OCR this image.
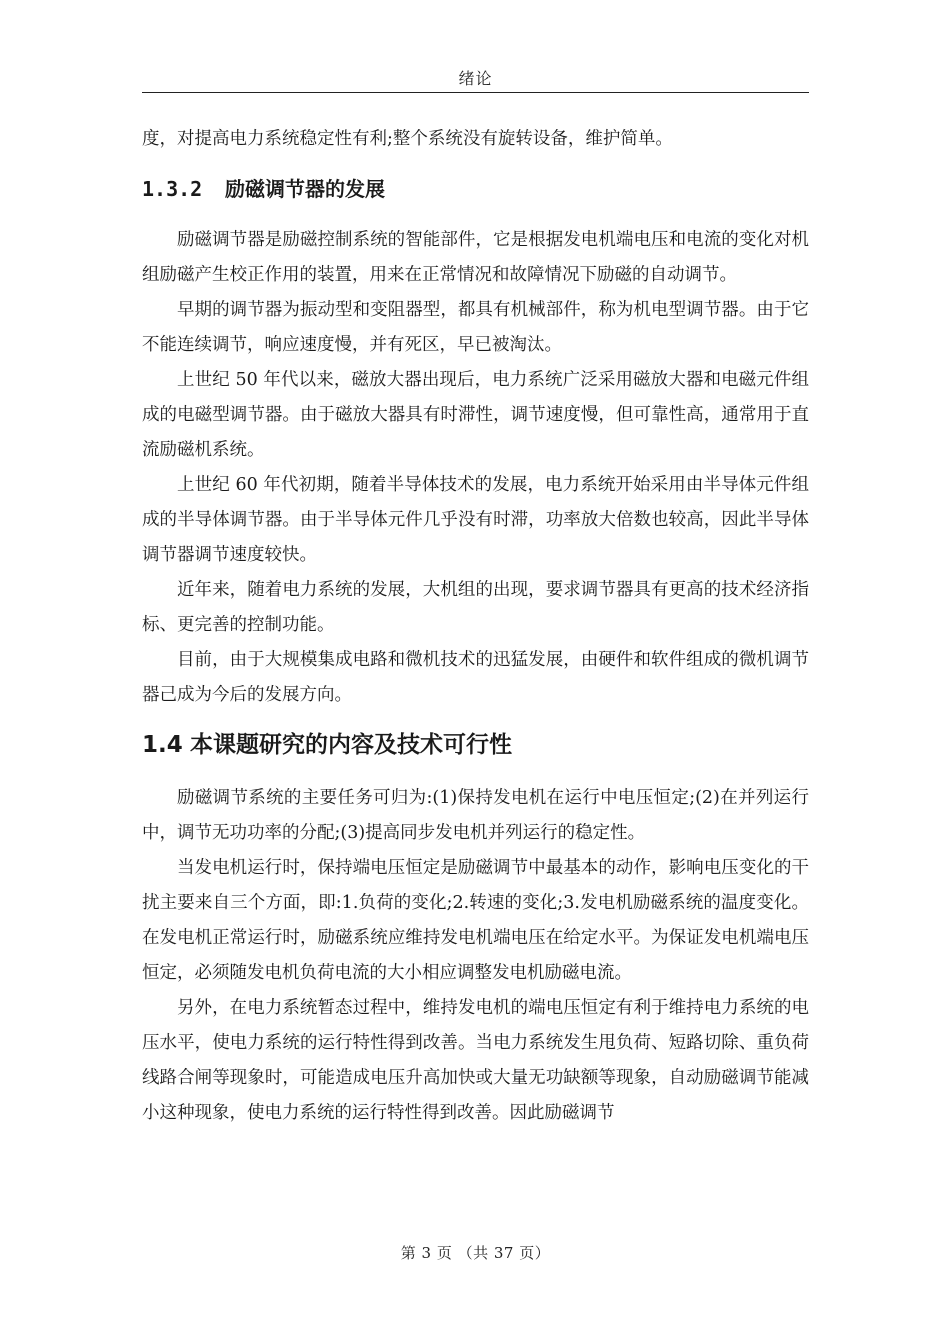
绪论

度，对提高电力系统稳定性有利;整个系统没有旋转设备，维护简单。

1.3.2 励磁调节器的发展

励磁调节器是励磁控制系统的智能部件，它是根据发电机端电压和电流的变化对机组励磁产生校正作用的装置，用来在正常情况和故障情况下励磁的自动调节。

早期的调节器为振动型和变阻器型，都具有机械部件，称为机电型调节器。由于它不能连续调节，响应速度慢，并有死区，早已被淘汰。

上世纪 50 年代以来，磁放大器出现后，电力系统广泛采用磁放大器和电磁元件组成的电磁型调节器。由于磁放大器具有时滞性，调节速度慢，但可靠性高，通常用于直流励磁机系统。

上世纪 60 年代初期，随着半导体技术的发展，电力系统开始采用由半导体元件组成的半导体调节器。由于半导体元件几乎没有时滞，功率放大倍数也较高，因此半导体调节器调节速度较快。

近年来，随着电力系统的发展，大机组的出现，要求调节器具有更高的技术经济指标、更完善的控制功能。

目前，由于大规模集成电路和微机技术的迅猛发展，由硬件和软件组成的微机调节器己成为今后的发展方向。

1.4 本课题研究的内容及技术可行性

励磁调节系统的主要任务可归为:(1)保持发电机在运行中电压恒定;(2)在并列运行中，调节无功功率的分配;(3)提高同步发电机并列运行的稳定性。

当发电机运行时，保持端电压恒定是励磁调节中最基本的动作，影响电压变化的干扰主要来自三个方面，即:1.负荷的变化;2.转速的变化;3.发电机励磁系统的温度变化。在发电机正常运行时，励磁系统应维持发电机端电压在给定水平。为保证发电机端电压恒定，必须随发电机负荷电流的大小相应调整发电机励磁电流。

另外，在电力系统暂态过程中，维持发电机的端电压恒定有利于维持电力系统的电压水平，使电力系统的运行特性得到改善。当电力系统发生甩负荷、短路切除、重负荷线路合闸等现象时，可能造成电压升高加快或大量无功缺额等现象，自动励磁调节能减小这种现象，使电力系统的运行特性得到改善。因此励磁调节

第 3 页 （共 37 页）
